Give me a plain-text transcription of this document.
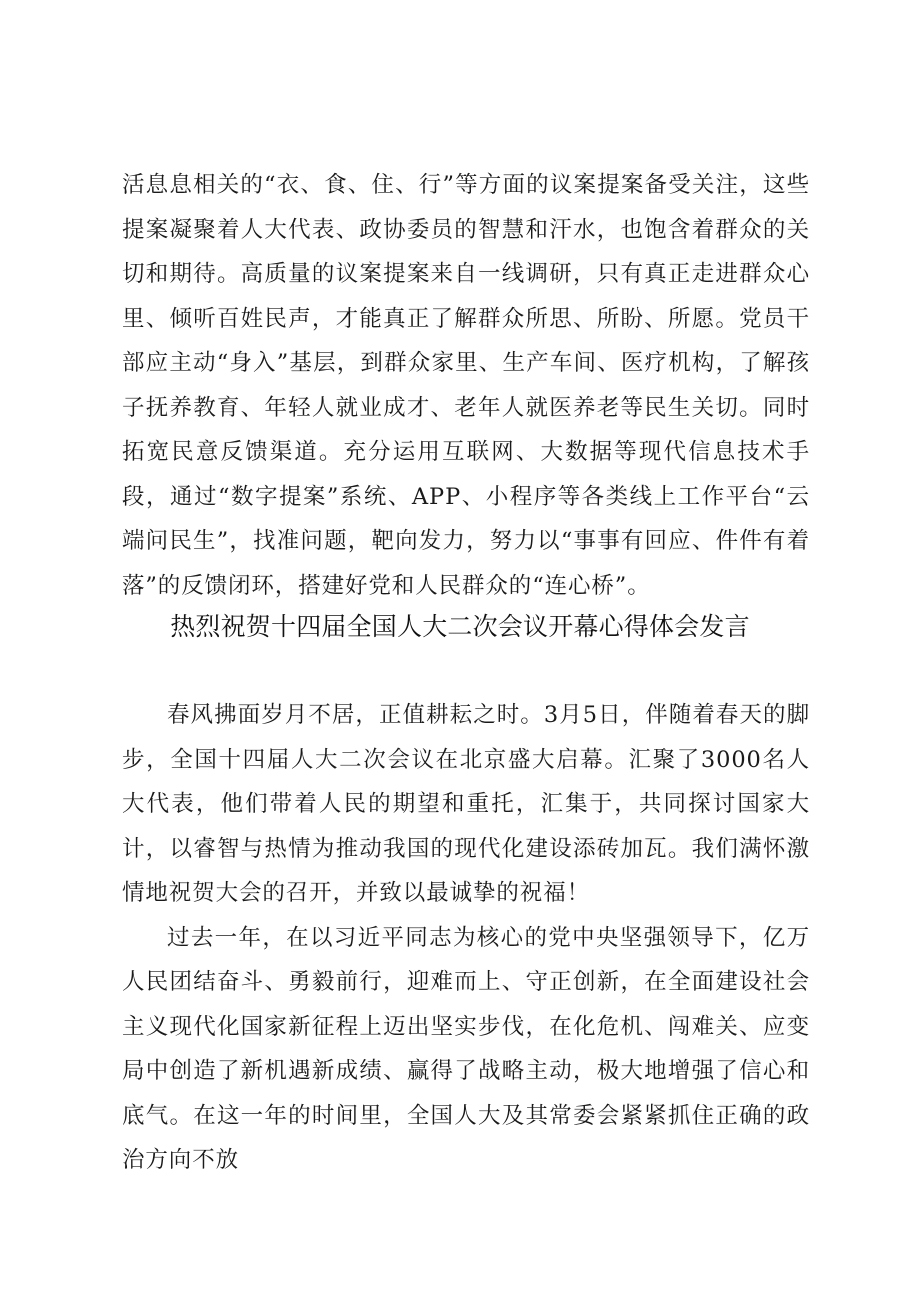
活息息相关的“衣、食、住、行”等方面的议案提案备受关注，这些提案凝聚着人大代表、政协委员的智慧和汗水，也饱含着群众的关切和期待。高质量的议案提案来自一线调研，只有真正走进群众心里、倾听百姓民声，才能真正了解群众所思、所盼、所愿。党员干部应主动“身入”基层，到群众家里、生产车间、医疗机构，了解孩子抚养教育、年轻人就业成才、老年人就医养老等民生关切。同时拓宽民意反馈渠道。充分运用互联网、大数据等现代信息技术手段，通过“数字提案”系统、APP、小程序等各类线上工作平台“云端问民生”，找准问题，靶向发力，努力以“事事有回应、件件有着落”的反馈闭环，搭建好党和人民群众的“连心桥”。

热烈祝贺十四届全国人大二次会议开幕心得体会发言

春风拂面岁月不居，正值耕耘之时。3月5日，伴随着春天的脚步，全国十四届人大二次会议在北京盛大启幕。汇聚了3000名人大代表，他们带着人民的期望和重托，汇集于，共同探讨国家大计，以睿智与热情为推动我国的现代化建设添砖加瓦。我们满怀激情地祝贺大会的召开，并致以最诚挚的祝福！

过去一年，在以习近平同志为核心的党中央坚强领导下，亿万人民团结奋斗、勇毅前行，迎难而上、守正创新，在全面建设社会主义现代化国家新征程上迈出坚实步伐，在化危机、闯难关、应变局中创造了新机遇新成绩、赢得了战略主动，极大地增强了信心和底气。在这一年的时间里，全国人大及其常委会紧紧抓住正确的政治方向不放
